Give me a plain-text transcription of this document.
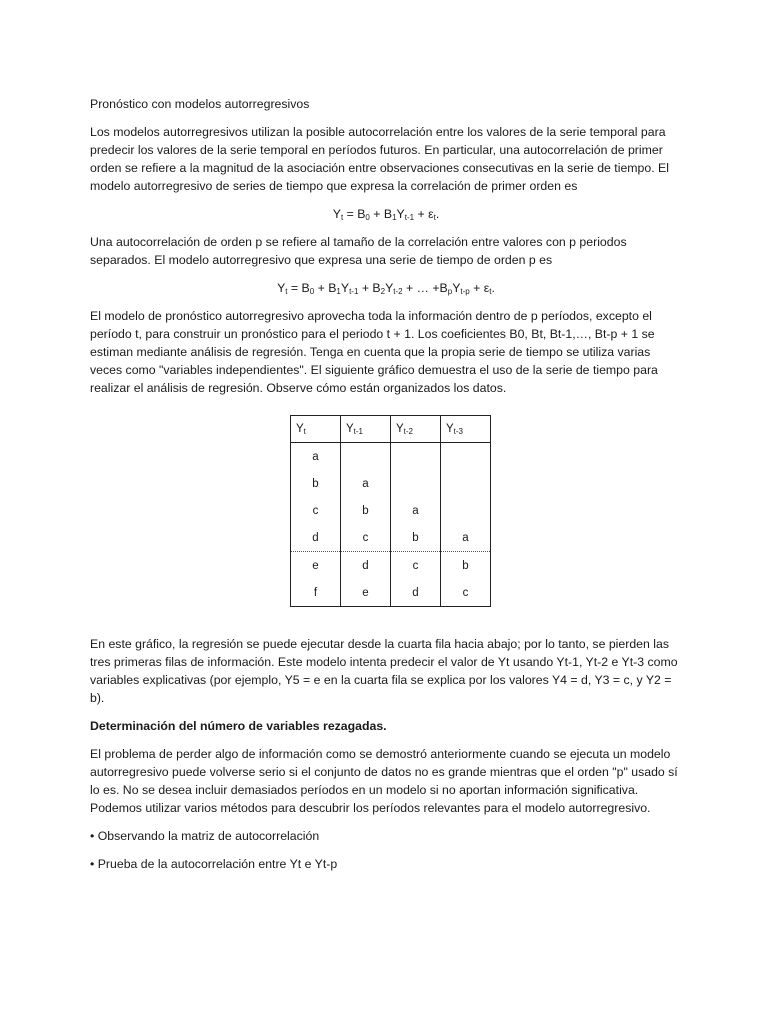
Pronóstico con modelos autorregresivos

Los modelos autorregresivos utilizan la posible autocorrelación entre los valores de la serie temporal para predecir los valores de la serie temporal en períodos futuros. En particular, una autocorrelación de primer orden se refiere a la magnitud de la asociación entre observaciones consecutivas en la serie de tiempo. El modelo autorregresivo de series de tiempo que expresa la correlación de primer orden es

$Y_t = B_0 + B_1Y_{t-1} + \varepsilon_t$.

Una autocorrelación de orden p se refiere al tamaño de la correlación entre valores con p periodos separados. El modelo autorregresivo que expresa una serie de tiempo de orden p es

$Y_t = B_0 + B_1Y_{t-1} + B_2Y_{t-2}$ + … $+B_pY_{t-p} + \varepsilon_t$.

El modelo de pronóstico autorregresivo aprovecha toda la información dentro de p períodos, excepto el período t, para construir un pronóstico para el periodo t + 1. Los coeficientes B0, Bt, Bt-1,…, Bt-p + 1 se estiman mediante análisis de regresión. Tenga en cuenta que la propia serie de tiempo se utiliza varias veces como "variables independientes". El siguiente gráfico demuestra el uso de la serie de tiempo para realizar el análisis de regresión. Observe cómo están organizados los datos.

$Y_t$	$Y_{t-1}$	$Y_{t-2}$	$Y_{t-3}$
a			
b	a		
c	b	a	
d	c	b	a
e	d	c	b
f	e	d	c

En este gráfico, la regresión se puede ejecutar desde la cuarta fila hacia abajo; por lo tanto, se pierden las tres primeras filas de información. Este modelo intenta predecir el valor de Yt usando Yt-1, Yt-2 e Yt-3 como variables explicativas (por ejemplo, Y5 = e en la cuarta fila se explica por los valores Y4 = d, Y3 = c, y Y2 = b).

Determinación del número de variables rezagadas.

El problema de perder algo de información como se demostró anteriormente cuando se ejecuta un modelo autorregresivo puede volverse serio si el conjunto de datos no es grande mientras que el orden "p" usado sí lo es. No se desea incluir demasiados períodos en un modelo si no aportan información significativa. Podemos utilizar varios métodos para descubrir los períodos relevantes para el modelo autorregresivo.

• Observando la matriz de autocorrelación

• Prueba de la autocorrelación entre Yt e Yt-p
